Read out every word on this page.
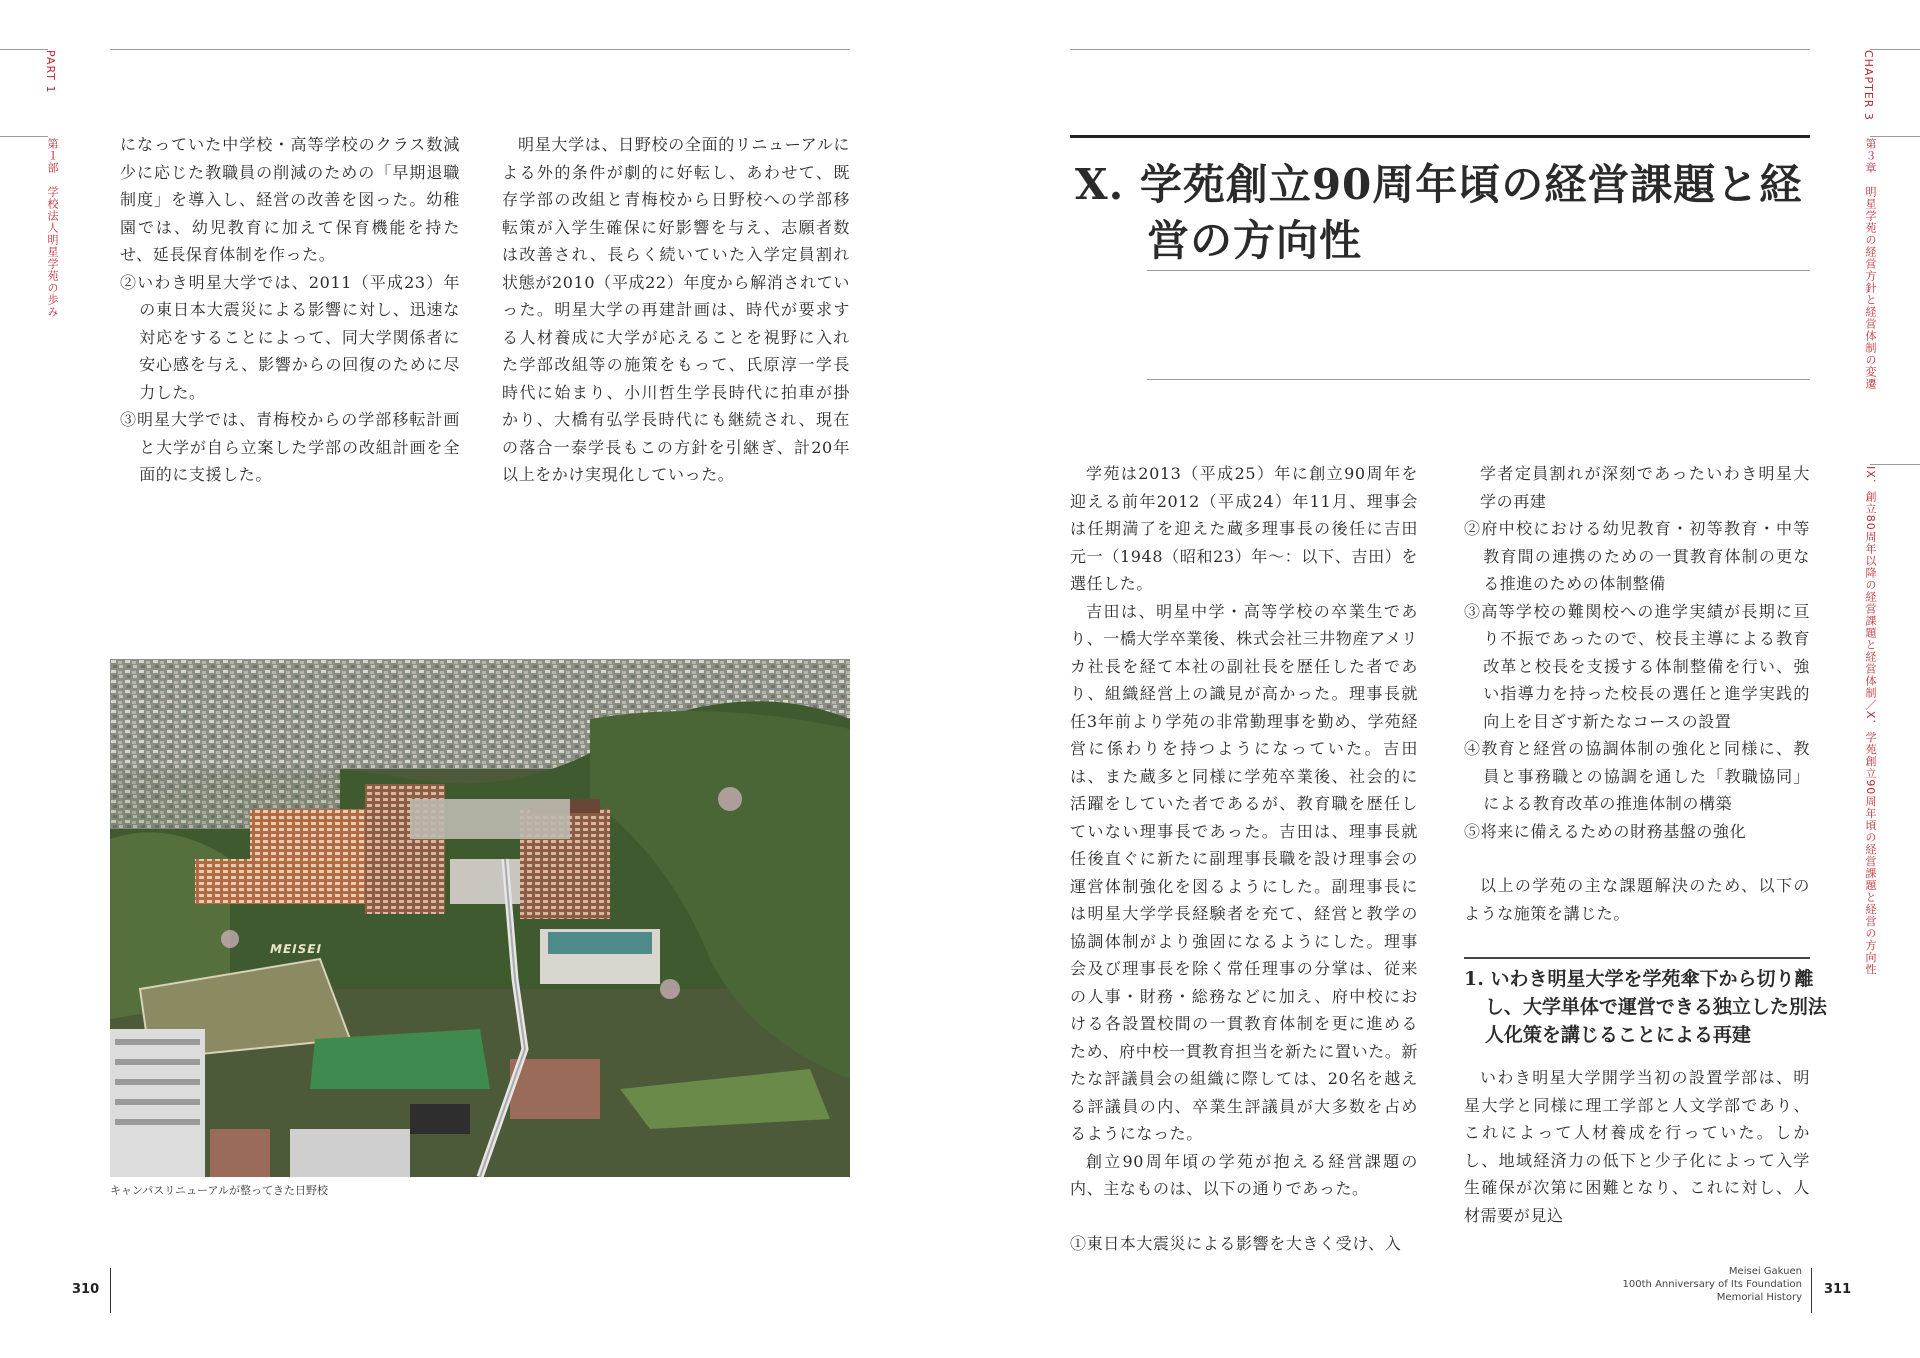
PART 1
第１部　学校法人明星学苑の歩み	になっていた中学校・高等学校のクラス数減少に応じた教職員の削減のための「早期退職制度」を導入し、経営の改善を図った。幼稚園では、幼児教育に加えて保育機能を持たせ、延長保育体制を作った。

②いわき明星大学では、2011（平成23）年の東日本大震災による影響に対し、迅速な対応をすることによって、同大学関係者に安心感を与え、影響からの回復のために尽力した。

③明星大学では、青梅校からの学部移転計画と大学が自ら立案した学部の改組計画を全面的に支援した。

明星大学は、日野校の全面的リニューアルによる外的条件が劇的に好転し、あわせて、既存学部の改組と青梅校から日野校への学部移転策が入学生確保に好影響を与え、志願者数は改善され、長らく続いていた入学定員割れ状態が2010（平成22）年度から解消されていった。明星大学の再建計画は、時代が要求する人材養成に大学が応えることを視野に入れた学部改組等の施策をもって、氏原淳一学長時代に始まり、小川哲生学長時代に拍車が掛かり、大橋有弘学長時代にも継続され、現在の落合一泰学長もこの方針を引継ぎ、計20年以上をかけ実現化していった。

MEISEI
キャンパスリニューアルが整ってきた日野校
310
CHAPTER 3
第３章　明星学苑の経営方針と経営体制の変遷
IX．創立80周年以降の経営課題と経営体制／X．学苑創立90周年頃の経営課題と経営の方向性
X. 学苑創立90周年頃の経営課題と経
営の方向性

学苑は2013（平成25）年に創立90周年を迎える前年2012（平成24）年11月、理事会は任期満了を迎えた蔵多理事長の後任に吉田元一（1948（昭和23）年～：以下、吉田）を選任した。

吉田は、明星中学・高等学校の卒業生であり、一橋大学卒業後、株式会社三井物産アメリカ社長を経て本社の副社長を歴任した者であり、組織経営上の識見が高かった。理事長就任3年前より学苑の非常勤理事を勤め、学苑経営に係わりを持つようになっていた。吉田は、また蔵多と同様に学苑卒業後、社会的に活躍をしていた者であるが、教育職を歴任していない理事長であった。吉田は、理事長就任後直ぐに新たに副理事長職を設け理事会の運営体制強化を図るようにした。副理事長には明星大学学長経験者を充て、経営と教学の協調体制がより強固になるようにした。理事会及び理事長を除く常任理事の分掌は、従来の人事・財務・総務などに加え、府中校における各設置校間の一貫教育体制を更に進めるため、府中校一貫教育担当を新たに置いた。新たな評議員会の組織に際しては、20名を越える評議員の内、卒業生評議員が大多数を占めるようになった。

創立90周年頃の学苑が抱える経営課題の内、主なものは、以下の通りであった。

①東日本大震災による影響を大きく受け、入

学者定員割れが深刻であったいわき明星大学の再建

②府中校における幼児教育・初等教育・中等教育間の連携のための一貫教育体制の更なる推進のための体制整備

③高等学校の難関校への進学実績が長期に亘り不振であったので、校長主導による教育改革と校長を支援する体制整備を行い、強い指導力を持った校長の選任と進学実践的向上を目ざす新たなコースの設置

④教育と経営の協調体制の強化と同様に、教員と事務職との協調を通した「教職協同」による教育改革の推進体制の構築

⑤将来に備えるための財務基盤の強化

以上の学苑の主な課題解決のため、以下のような施策を講じた。

1. いわき明星大学を学苑傘下から切り離し、大学単体で運営できる独立した別法人化策を講じることによる再建

いわき明星大学開学当初の設置学部は、明星大学と同様に理工学部と人文学部であり、これによって人材養成を行っていた。しかし、地域経済力の低下と少子化によって入学生確保が次第に困難となり、これに対し、人材需要が見込

Meisei Gakuen
100th Anniversary of Its Foundation
Memorial History
311
